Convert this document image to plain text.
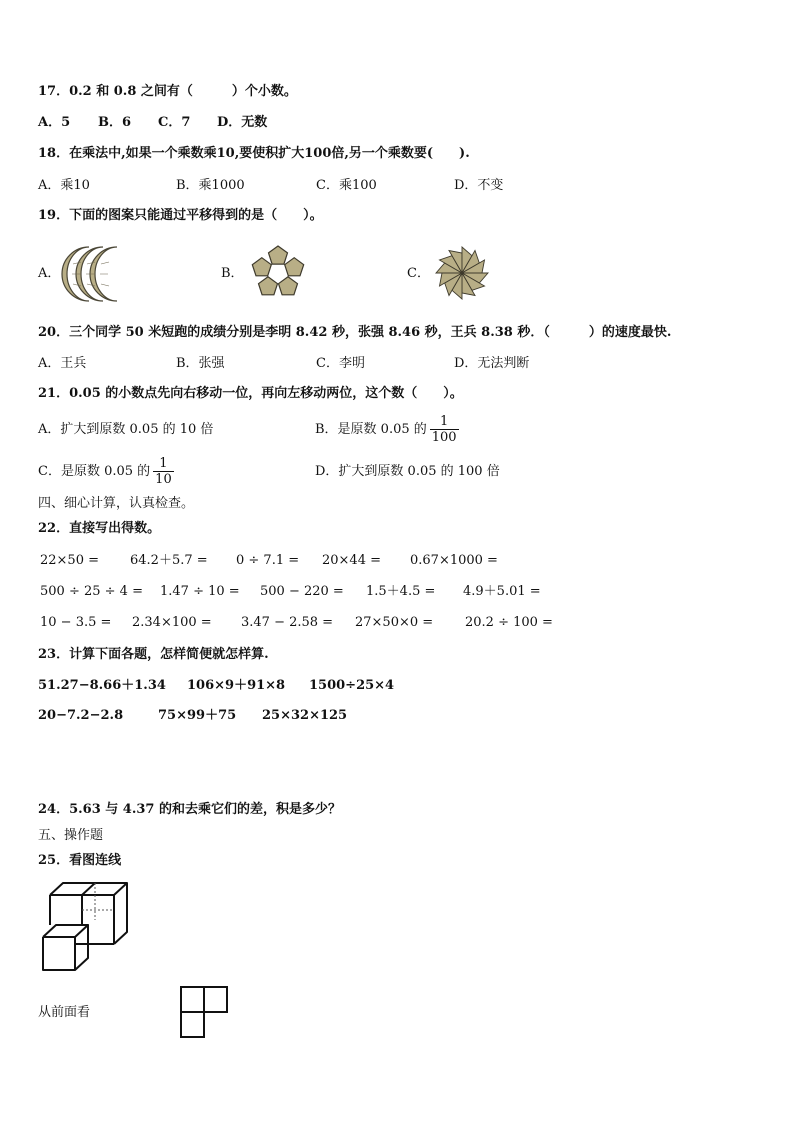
17．0.2 和 0.8 之间有（　　　）个小数。
A．5 B．6 C．7 D．无数
18．在乘法中,如果一个乘数乘10,要使积扩大100倍,另一个乘数要(　　).
A．乘10	B．乘1000	C．乘100	D．不变
19．下面的图案只能通过平移得到的是（　　）。
A．	B．	C．
20．三个同学 50 米短跑的成绩分别是李明 8.42 秒，张强 8.46 秒，王兵 8.38 秒．（　　　）的速度最快.
A．王兵	B．张强	C．李明	D．无法判断
21．0.05 的小数点先向右移动一位，再向左移动两位，这个数（　　）。
A．扩大到原数 0.05 的 10 倍	B．是原数 0.05 的 $\frac{1}{100}$
C．是原数 0.05 的 $\frac{1}{10}$	D．扩大到原数 0.05 的 100 倍
四、细心计算，认真检查。
22．直接写出得数。
22×50 = 64.2＋5.7 = 0 ÷ 7.1 = 20×44 = 0.67×1000 =
500 ÷ 25 ÷ 4 = 1.47 ÷ 10 = 500 − 220 = 1.5＋4.5 = 4.9＋5.01 =
10 − 3.5 = 2.34×100 = 3.47 − 2.58 = 27×50×0 = 20.2 ÷ 100 =
23．计算下面各题，怎样简便就怎样算.
51.27−8.66＋1.34 106×9＋91×8 1500÷25×4
20−7.2−2.8	75×99＋75 25×32×125
24．5.63 与 4.37 的和去乘它们的差，积是多少？
五、操作题
25．看图连线
从前面看
